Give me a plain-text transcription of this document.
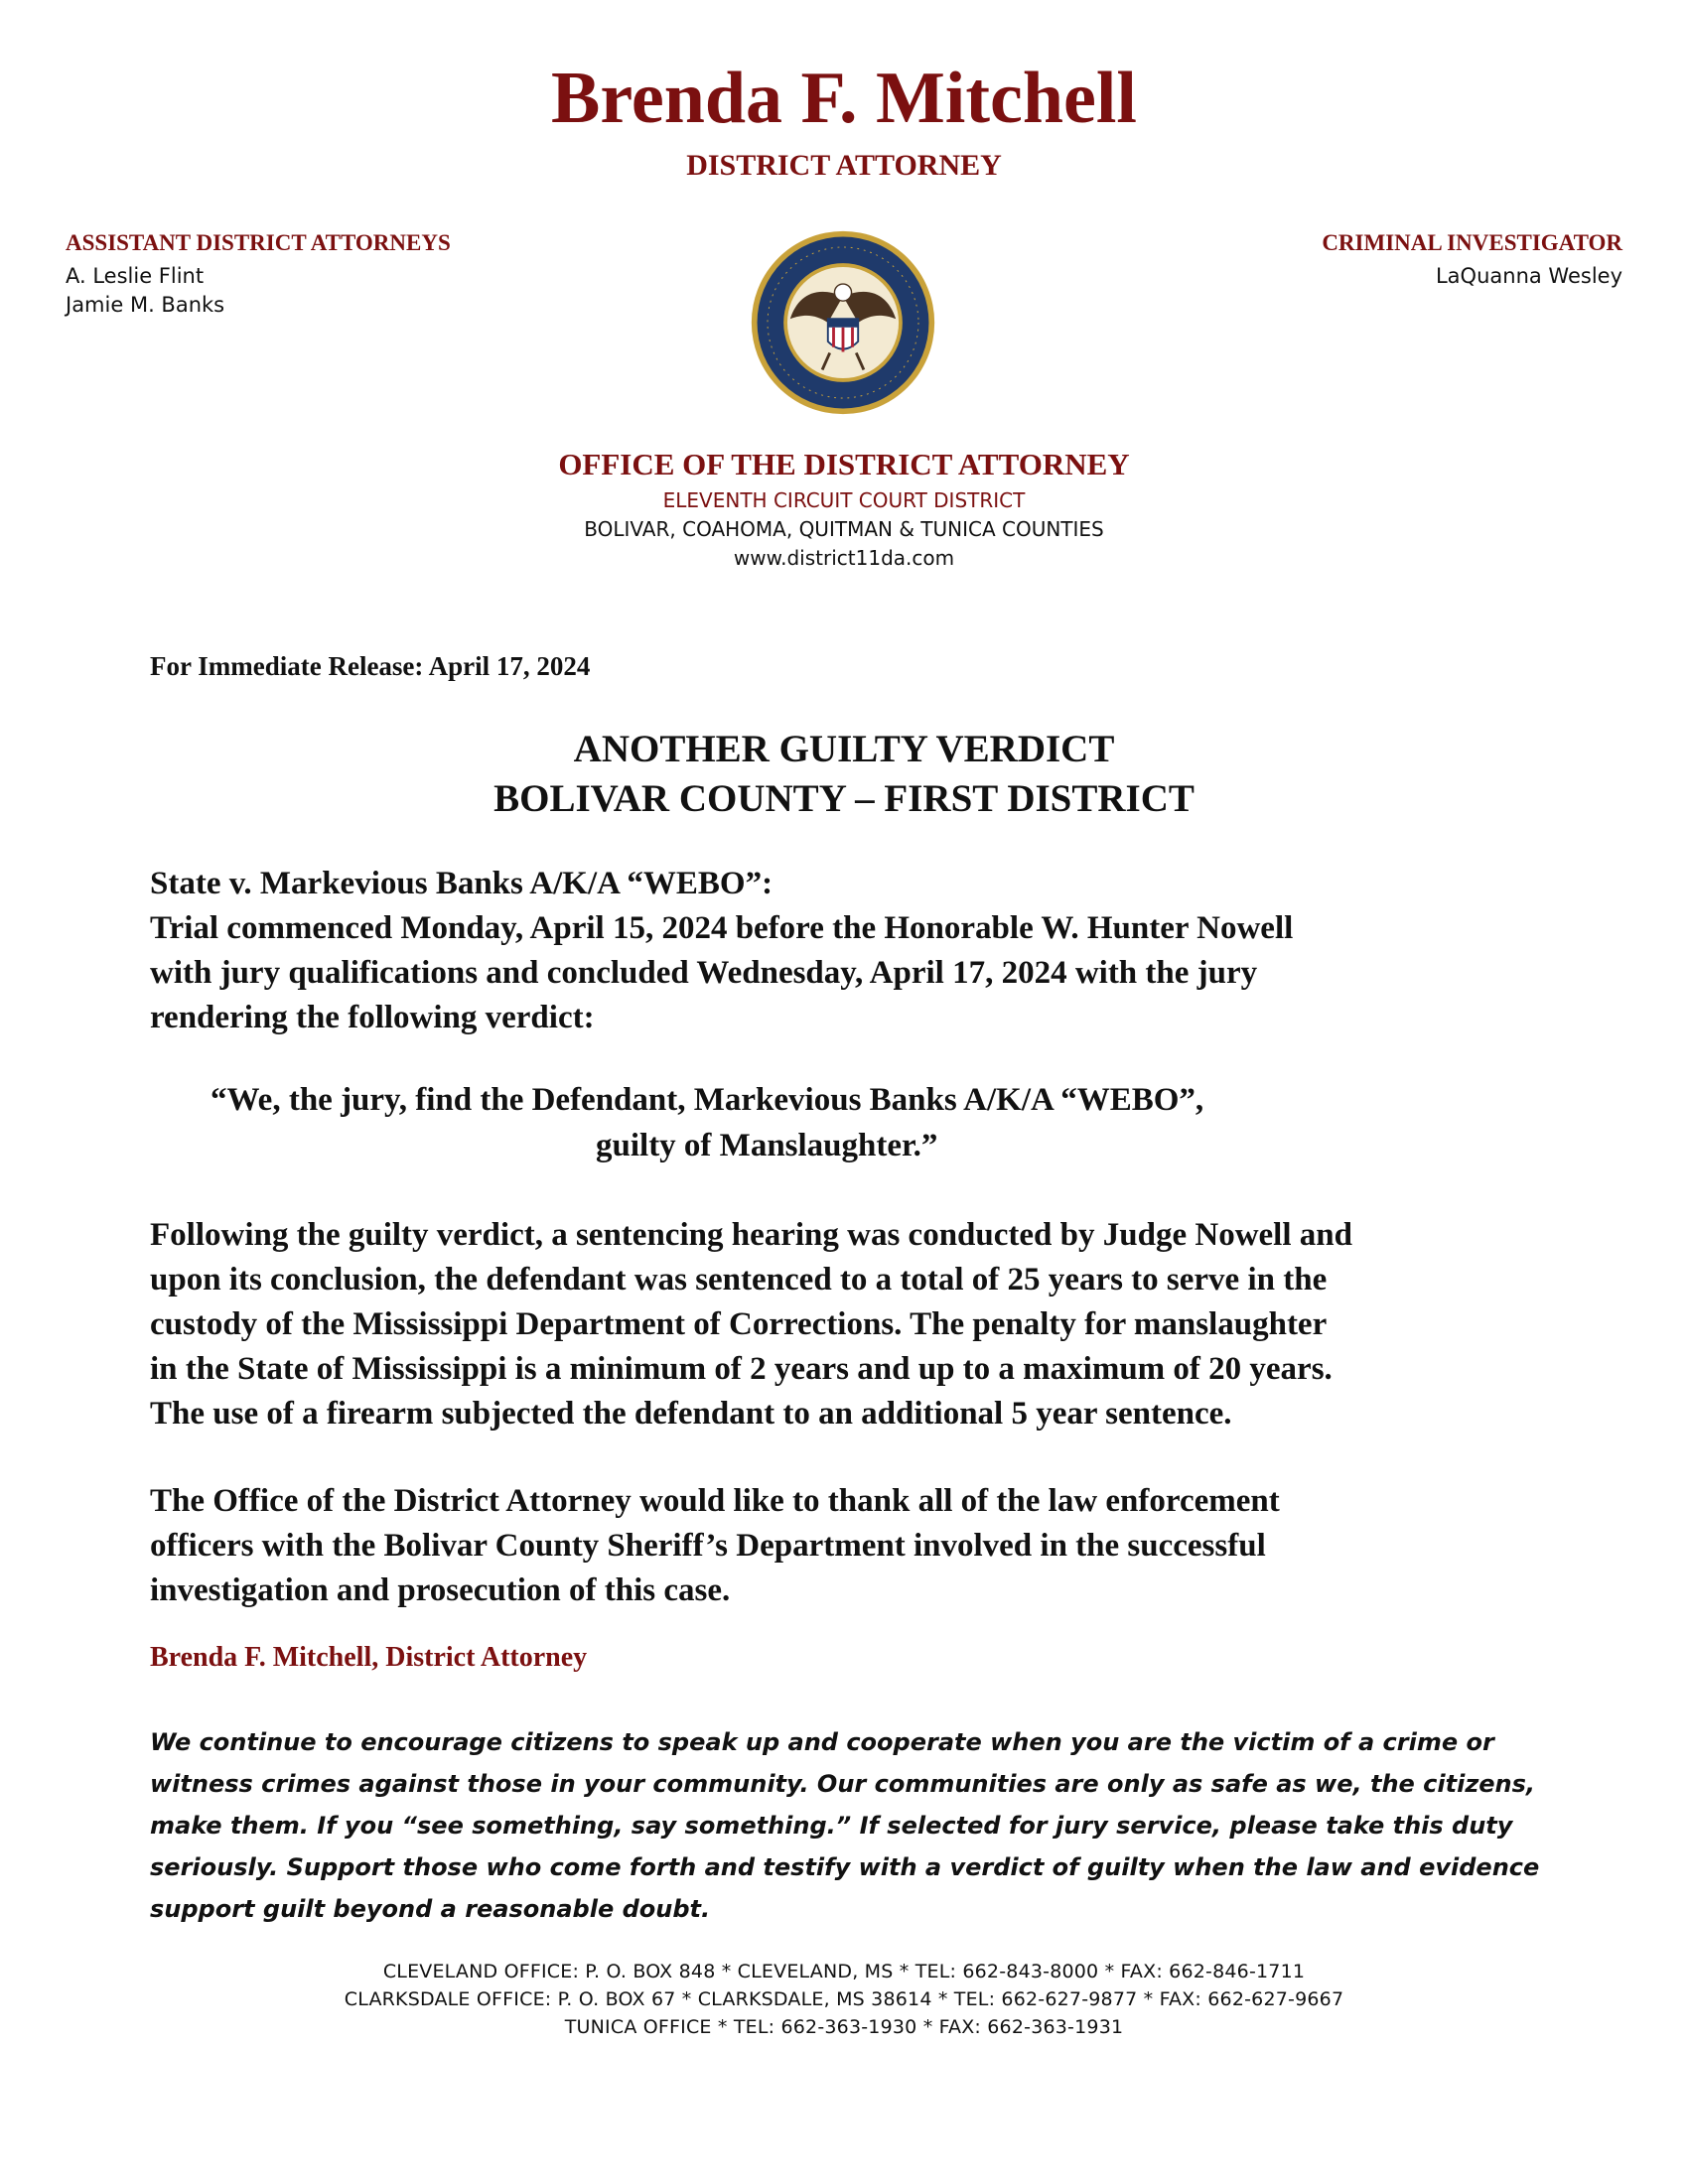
Brenda F. Mitchell
DISTRICT ATTORNEY
ASSISTANT DISTRICT ATTORNEYS
A. Leslie Flint
Jamie M. Banks
CRIMINAL INVESTIGATOR
LaQuanna Wesley
OFFICE OF THE DISTRICT ATTORNEY
ELEVENTH CIRCUIT COURT DISTRICT
BOLIVAR, COAHOMA, QUITMAN & TUNICA COUNTIES
www.district11da.com
For Immediate Release: April 17, 2024
ANOTHER GUILTY VERDICT
BOLIVAR COUNTY – FIRST DISTRICT
State v. Markevious Banks A/K/A “WEBO”:
Trial commenced Monday, April 15, 2024 before the Honorable W. Hunter Nowell
with jury qualifications and concluded Wednesday, April 17, 2024 with the jury
rendering the following verdict:
“We, the jury, find the Defendant, Markevious Banks A/K/A “WEBO”,
guilty of Manslaughter.”
Following the guilty verdict, a sentencing hearing was conducted by Judge Nowell and
upon its conclusion, the defendant was sentenced to a total of 25 years to serve in the
custody of the Mississippi Department of Corrections. The penalty for manslaughter
in the State of Mississippi is a minimum of 2 years and up to a maximum of 20 years.
The use of a firearm subjected the defendant to an additional 5 year sentence.
The Office of the District Attorney would like to thank all of the law enforcement
officers with the Bolivar County Sheriff’s Department involved in the successful
investigation and prosecution of this case.
Brenda F. Mitchell, District Attorney
We continue to encourage citizens to speak up and cooperate when you are the victim of a crime or
witness crimes against those in your community. Our communities are only as safe as we, the citizens,
make them. If you “see something, say something.” If selected for jury service, please take this duty
seriously. Support those who come forth and testify with a verdict of guilty when the law and evidence
support guilt beyond a reasonable doubt.
CLEVELAND OFFICE: P. O. BOX 848 * CLEVELAND, MS * TEL: 662-843-8000 * FAX: 662-846-1711
CLARKSDALE OFFICE: P. O. BOX 67 * CLARKSDALE, MS 38614 * TEL: 662-627-9877 * FAX: 662-627-9667
TUNICA OFFICE * TEL: 662-363-1930 * FAX: 662-363-1931
